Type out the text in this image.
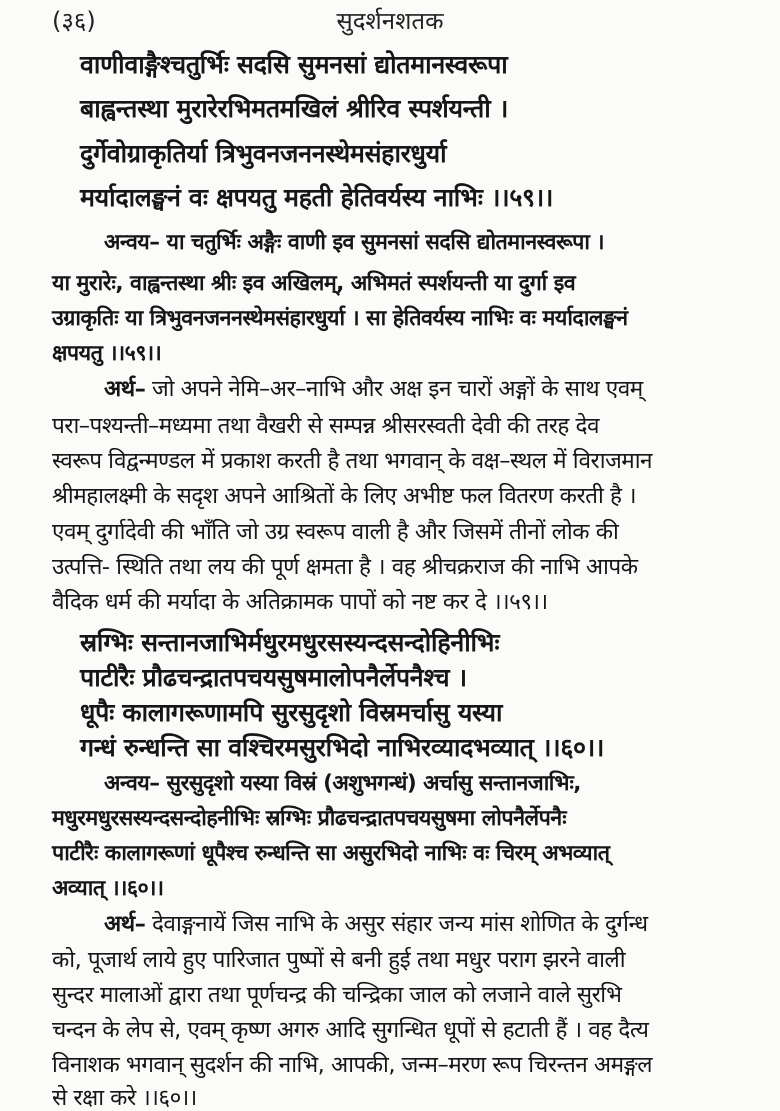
(३६)	सुदर्शनशतक
वाणीवाङ्गैश्चतुर्भिः सदसि सुमनसां द्योतमानस्वरूपा
बाह्वन्तस्था मुरारेरभिमतमखिलं श्रीरिव स्पर्शयन्ती ।
दुर्गेवोग्राकृतिर्या त्रिभुवनजननस्थेमसंहारधुर्या
मर्यादालङ्घनं वः क्षपयतु महती हेतिवर्यस्य नाभिः ।।५९।।
अन्वय– या चतुर्भिः अङ्गैः वाणी इव सुमनसां सदसि द्योतमानस्वरूपा ।
या मुरारेः, वाह्वन्तस्था श्रीः इव अखिलम्, अभिमतं स्पर्शयन्ती या दुर्गा इव
उग्राकृतिः या त्रिभुवनजननस्थेमसंहारधुर्या । सा हेतिवर्यस्य नाभिः वः मर्यादालङ्घनं
क्षपयतु ।।५९।।
अर्थ– जो अपने नेमि–अर–नाभि और अक्ष इन चारों अङ्गों के साथ एवम्
परा–पश्यन्ती–मध्यमा तथा वैखरी से सम्पन्न श्रीसरस्वती देवी की तरह देव
स्वरूप विद्वन्मण्डल में प्रकाश करती है तथा भगवान् के वक्ष–स्थल में विराजमान
श्रीमहालक्ष्मी के सदृश अपने आश्रितों के लिए अभीष्ट फल वितरण करती है ।
एवम् दुर्गादेवी की भाँति जो उग्र स्वरूप वाली है और जिसमें तीनों लोक की
उत्पत्ति- स्थिति तथा लय की पूर्ण क्षमता है । वह श्रीचक्रराज की नाभि आपके
वैदिक धर्म की मर्यादा के अतिक्रामक पापों को नष्ट कर दे ।।५९।।
स्रग्भिः सन्तानजाभिर्मधुरमधुरसस्यन्दसन्दोहिनीभिः
पाटीरैः प्रौढचन्द्रातपचयसुषमालोपनैर्लेपनैश्च ।
धूपैः कालागरूणामपि सुरसुदृशो विस्रमर्चासु यस्या
गन्धं रुन्धन्ति सा वश्चिरमसुरभिदो नाभिरव्यादभव्यात् ।।६०।।
अन्वय– सुरसुदृशो यस्या विस्रं (अशुभगन्धं) अर्चासु सन्तानजाभिः,
मधुरमधुरसस्यन्दसन्दोहनीभिः स्रग्भिः प्रौढचन्द्रातपचयसुषमा लोपनैर्लेपनैः
पाटीरैः कालागरूणां धूपैश्च रुन्धन्ति सा असुरभिदो नाभिः वः चिरम् अभव्यात्
अव्यात् ।।६०।।
अर्थ– देवाङ्गनायें जिस नाभि के असुर संहार जन्य मांस शोणित के दुर्गन्ध
को, पूजार्थ लाये हुए पारिजात पुष्पों से बनी हुई तथा मधुर पराग झरने वाली
सुन्दर मालाओं द्वारा तथा पूर्णचन्द्र की चन्द्रिका जाल को लजाने वाले सुरभि
चन्दन के लेप से, एवम् कृष्ण अगरु आदि सुगन्धित धूपों से हटाती हैं । वह दैत्य
विनाशक भगवान् सुदर्शन की नाभि, आपकी, जन्म–मरण रूप चिरन्तन अमङ्गल
से रक्षा करे ।।६०।।
